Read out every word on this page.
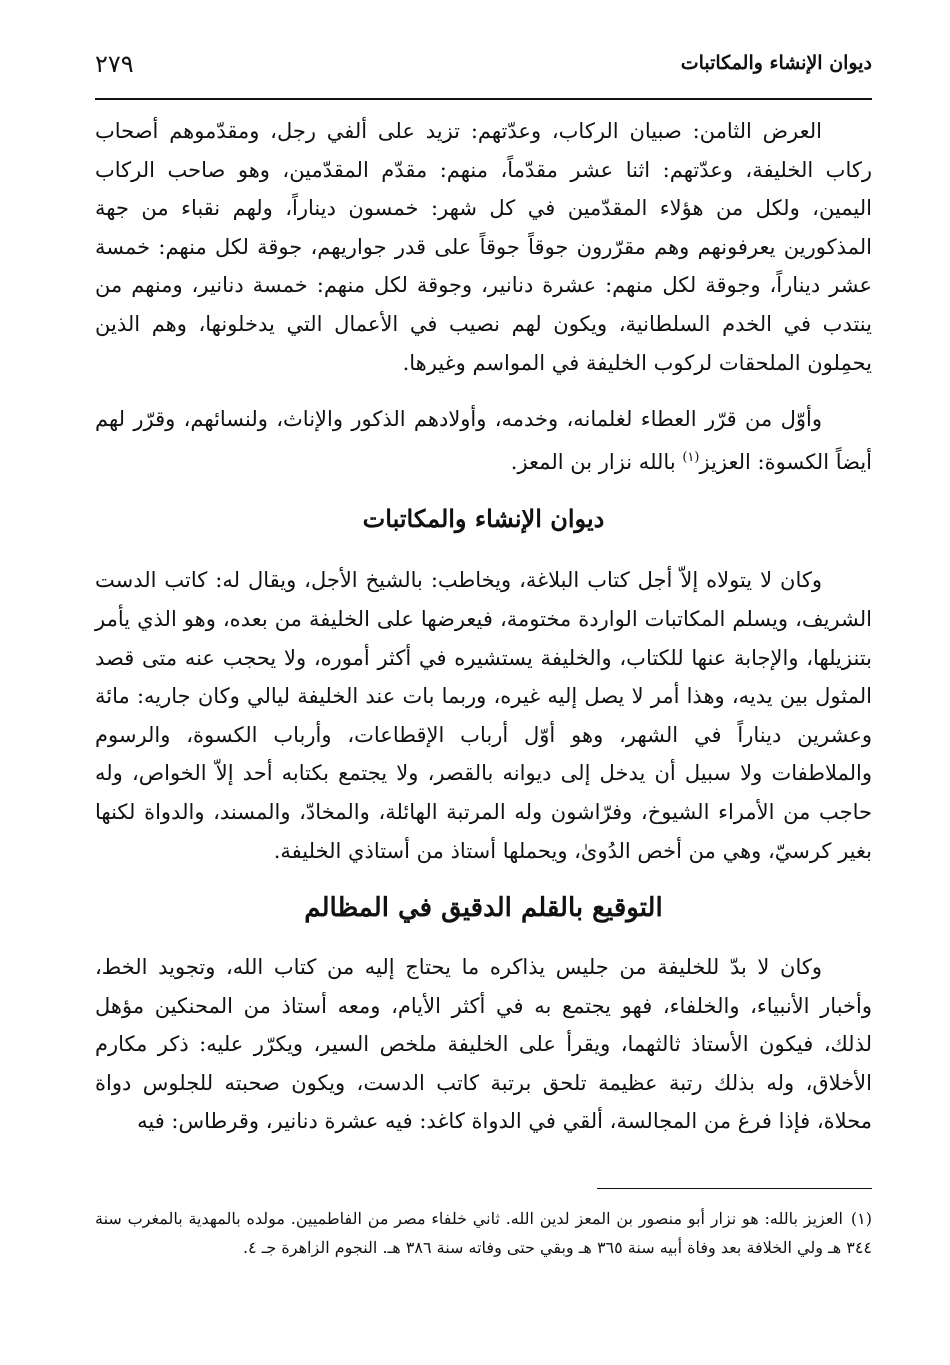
ديوان الإنشاء والمكاتبات
٢٧٩

العرض الثامن: صبيان الركاب، وعدّتهم: تزيد على ألفي رجل، ومقدّموهم أصحاب ركاب الخليفة، وعدّتهم: اثنا عشر مقدّماً، منهم: مقدّم المقدّمين، وهو صاحب الركاب اليمين، ولكل من هؤلاء المقدّمين في كل شهر: خمسون ديناراً، ولهم نقباء من جهة المذكورين يعرفونهم وهم مقرّرون جوقاً جوقاً على قدر جواريهم، جوقة لكل منهم: خمسة عشر ديناراً، وجوقة لكل منهم: عشرة دنانير، وجوقة لكل منهم: خمسة دنانير، ومنهم من ينتدب في الخدم السلطانية، ويكون لهم نصيب في الأعمال التي يدخلونها، وهم الذين يحمِلون الملحقات لركوب الخليفة في المواسم وغيرها.

وأوّل من قرّر العطاء لغلمانه، وخدمه، وأولادهم الذكور والإناث، ولنسائهم، وقرّر لهم أيضاً الكسوة: العزيز$^{(١)}$ بالله نزار بن المعز.

ديوان الإنشاء والمكاتبات

وكان لا يتولاه إلاّ أجل كتاب البلاغة، ويخاطب: بالشيخ الأجل، ويقال له: كاتب الدست الشريف، ويسلم المكاتبات الواردة مختومة، فيعرضها على الخليفة من بعده، وهو الذي يأمر بتنزيلها، والإجابة عنها للكتاب، والخليفة يستشيره في أكثر أموره، ولا يحجب عنه متى قصد المثول بين يديه، وهذا أمر لا يصل إليه غيره، وربما بات عند الخليفة ليالي وكان جاريه: مائة وعشرين ديناراً في الشهر، وهو أوّل أرباب الإقطاعات، وأرباب الكسوة، والرسوم والملاطفات ولا سبيل أن يدخل إلى ديوانه بالقصر، ولا يجتمع بكتابه أحد إلاّ الخواص، وله حاجب من الأمراء الشيوخ، وفرّاشون وله المرتبة الهائلة، والمخادّ، والمسند، والدواة لكنها بغير كرسيّ، وهي من أخص الدُوىٰ، ويحملها أستاذ من أستاذي الخليفة.

التوقيع بالقلم الدقيق في المظالم

وكان لا بدّ للخليفة من جليس يذاكره ما يحتاج إليه من كتاب الله، وتجويد الخط، وأخبار الأنبياء، والخلفاء، فهو يجتمع به في أكثر الأيام، ومعه أستاذ من المحنكين مؤهل لذلك، فيكون الأستاذ ثالثهما، ويقرأ على الخليفة ملخص السير، ويكرّر عليه: ذكر مكارم الأخلاق، وله بذلك رتبة عظيمة تلحق برتبة كاتب الدست، ويكون صحبته للجلوس دواة محلاة، فإذا فرغ من المجالسة، ألقي في الدواة كاغد: فيه عشرة دنانير، وقرطاس: فيه

(١)العزيز بالله: هو نزار أبو منصور بن المعز لدين الله. ثاني خلفاء مصر من الفاطميين. مولده بالمهدية بالمغرب سنة ٣٤٤ هـ ولي الخلافة بعد وفاة أبيه سنة ٣٦٥ هـ وبقي حتى وفاته سنة ٣٨٦ هـ. النجوم الزاهرة جـ ٤.
